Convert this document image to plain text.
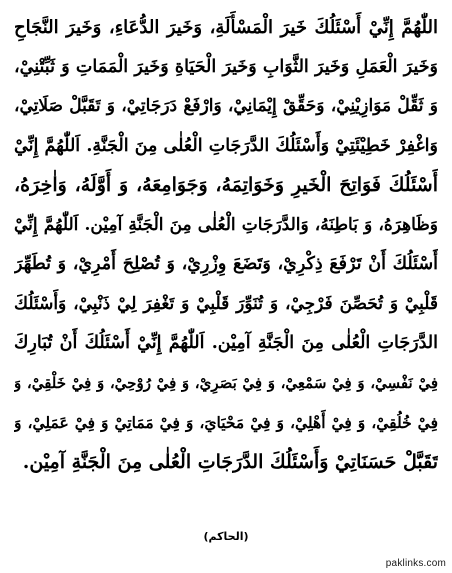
اللّٰهُمَّ إِنِّيْ أَسْئَلُكَ خَيرَ الْمَسْأَلَةِ، وَخَيرَ الدُّعَاءِ، وَخَيرَ النَّجَاحِ
وَخَيرَ الْعَمَلِ وَخَيرَ الثَّوَابِ وَخَيرَ الْحَيَاةِ وَخَيرَ الْمَمَاتِ وَ ثَبِّتْنِيْ،
وَ ثَقِّلْ مَوَازِيْنِيْ، وَحَقِّقْ إِيْمَانِيْ، وَارْفَعْ دَرَجَاتِيْ، وَ تَقَبَّلْ صَلَاتِيْ،
وَاغْفِرْ خَطِيْئَتِيْ وَأَسْئَلُكَ الدَّرَجَاتِ الْعُلٰى مِنَ الْجَنَّةِ. اَللّٰهُمَّ إِنِّيْ
أَسْئَلُكَ فَوَاتِحَ الْخَيرِ وَخَوَاتِمَهُ، وَجَوَامِعَهُ، وَ أَوَّلَهُ، وَاٰخِرَهُ،
وَظَاهِرَهُ، وَ بَاطِنَهُ، وَالدَّرَجَاتِ الْعُلٰى مِنَ الْجَنَّةِ آمِيْن. اَللّٰهُمَّ إِنِّيْ
أَسْئَلُكَ أَنْ تَرْفَعَ ذِكْرِيْ، وَتَضَعَ وِزْرِيْ، وَ تُصْلِحَ أَمْرِيْ، وَ تُطَهِّرَ
قَلْبِيْ وَ تُحَصِّنَ فَرْجِيْ، وَ تُنَوِّرَ قَلْبِيْ وَ تَغْفِرَ لِيْ ذَنْبِيْ، وَأَسْئَلُكَ
الدَّرَجَاتِ الْعُلٰى مِنَ الْجَنَّةِ آمِيْن. اَللّٰهُمَّ إِنِّيْ أَسْئَلُكَ أَنْ تُبَارِكَ
فِيْ نَفْسِيْ، وَ فِيْ سَمْعِيْ، وَ فِيْ بَصَرِيْ، وَ فِيْ رُوْحِيْ، وَ فِيْ خَلْقِيْ، وَ
فِيْ خُلُقِيْ، وَ فِيْ أَهْلِيْ، وَ فِيْ مَحْيَايَ، وَ فِيْ مَمَاتِيْ وَ فِيْ عَمَلِيْ، وَ
تَقَبَّلْ حَسَنَاتِيْ وَأَسْئَلُكَ الدَّرَجَاتِ الْعُلٰى مِنَ الْجَنَّةِ آمِيْن.
(الحاكم)
paklinks.com
